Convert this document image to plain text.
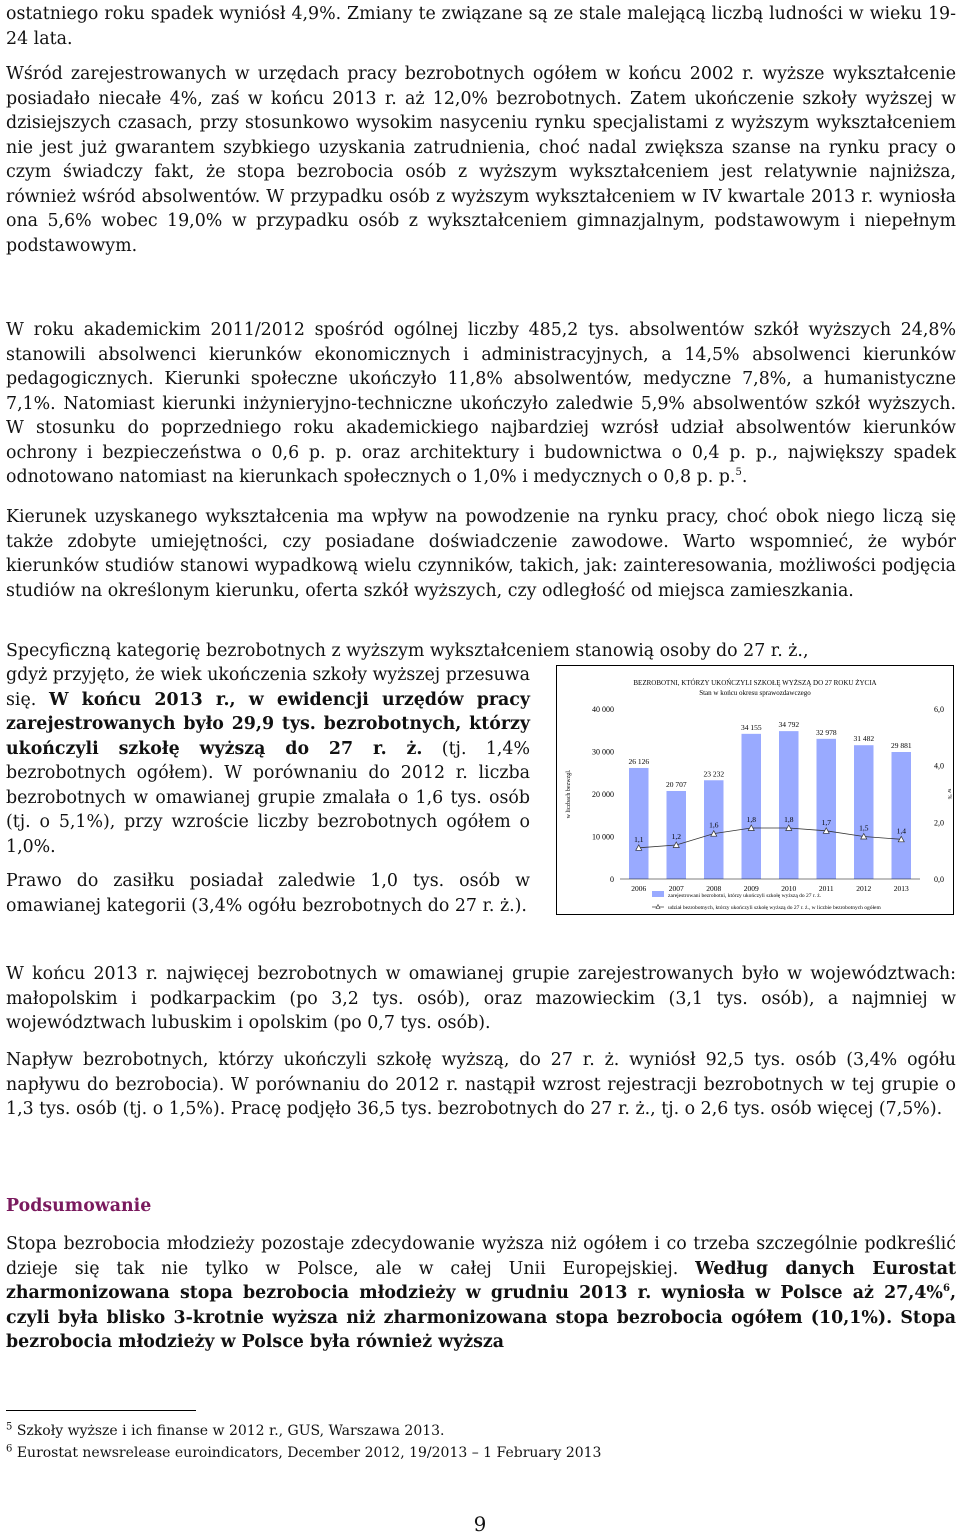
ostatniego roku spadek wyniósł 4,9%. Zmiany te związane są ze stale malejącą liczbą ludności w wieku 19-24 lata.

Wśród zarejestrowanych w urzędach pracy bezrobotnych ogółem w końcu 2002 r. wyższe wykształcenie posiadało niecałe 4%, zaś w końcu 2013 r. aż 12,0% bezrobotnych. Zatem ukończenie szkoły wyższej w dzisiejszych czasach, przy stosunkowo wysokim nasyceniu rynku specjalistami z wyższym wykształceniem nie jest już gwarantem szybkiego uzyskania zatrudnienia, choć nadal zwiększa szanse na rynku pracy o czym świadczy fakt, że stopa bezrobocia osób z wyższym wykształceniem jest relatywnie najniższa, również wśród absolwentów. W przypadku osób z wyższym wykształceniem w IV kwartale 2013 r. wyniosła ona 5,6% wobec 19,0% w przypadku osób z wykształceniem gimnazjalnym, podstawowym i niepełnym podstawowym.

W roku akademickim 2011/2012 spośród ogólnej liczby 485,2 tys. absolwentów szkół wyższych 24,8% stanowili absolwenci kierunków ekonomicznych i administracyjnych, a 14,5% absolwenci kierunków pedagogicznych. Kierunki społeczne ukończyło 11,8% absolwentów, medyczne 7,8%, a humanistyczne 7,1%. Natomiast kierunki inżynieryjno-techniczne ukończyło zaledwie 5,9% absolwentów szkół wyższych. W stosunku do poprzedniego roku akademickiego najbardziej wzrósł udział absolwentów kierunków ochrony i bezpieczeństwa o 0,6 p. p. oraz architektury i budownictwa o 0,4 p. p., największy spadek odnotowano natomiast na kierunkach społecznych o 1,0% i medycznych o 0,8 p. p.$^5$.

Kierunek uzyskanego wykształcenia ma wpływ na powodzenie na rynku pracy, choć obok niego liczą się także zdobyte umiejętności, czy posiadane doświadczenie zawodowe. Warto wspomnieć, że wybór kierunków studiów stanowi wypadkową wielu czynników, takich, jak: zainteresowania, możliwości podjęcia studiów na określonym kierunku, oferta szkół wyższych, czy odległość od miejsca zamieszkania.

Specyficzną kategorię bezrobotnych z wyższym wykształceniem stanowią osoby do 27 r. ż.,

gdyż przyjęto, że wiek ukończenia szkoły wyższej przesuwa się. W końcu 2013 r., w ewidencji urzędów pracy zarejestrowanych było 29,9 tys. bezrobotnych, którzy ukończyli szkołę wyższą do 27 r. ż. (tj. 1,4% bezrobotnych ogółem). W porównaniu do 2012 r. liczba bezrobotnych w omawianej grupie zmalała o 1,6 tys. osób (tj. o 5,1%), przy wzroście liczby bezrobotnych ogółem o 1,0%.

Prawo do zasiłku posiadał zaledwie 1,0 tys. osób w omawianej kategorii (3,4% ogółu bezrobotnych do 27 r. ż.).

W końcu 2013 r. najwięcej bezrobotnych w omawianej grupie zarejestrowanych było w województwach: małopolskim i podkarpackim (po 3,2 tys. osób), oraz mazowieckim (3,1 tys. osób), a najmniej w województwach lubuskim i opolskim (po 0,7 tys. osób).

Napływ bezrobotnych, którzy ukończyli szkołę wyższą, do 27 r. ż. wyniósł 92,5 tys. osób (3,4% ogółu napływu do bezrobocia). W porównaniu do 2012 r. nastąpił wzrost rejestracji bezrobotnych w tej grupie o 1,3 tys. osób (tj. o 1,5%). Pracę podjęło 36,5 tys. bezrobotnych do 27 r. ż., tj. o 2,6 tys. osób więcej (7,5%).

Podsumowanie

Stopa bezrobocia młodzieży pozostaje zdecydowanie wyższa niż ogółem i co trzeba szczególnie podkreślić dzieje się tak nie tylko w Polsce, ale w całej Unii Europejskiej. Według danych Eurostat zharmonizowana stopa bezrobocia młodzieży w grudniu 2013 r. wyniosła w Polsce aż 27,4%$^6$, czyli była blisko 3-krotnie wyższa niż zharmonizowana stopa bezrobocia ogółem (10,1%). Stopa bezrobocia młodzieży w Polsce była również wyższa

BEZROBOTNI, KTÓRZY UKOŃCZYLI SZKOŁĘ WYŻSZĄ DO 27 ROKU ŻYCIA
Stan w końcu okresu sprawozdawczego
0
10 000
20 000
30 000
40 000
0,0
2,0
4,0
6,0
w liczbach bezwzgl.	w %
26 126
2006
20 707
2007
23 232
2008
34 155
2009
34 792
2010
32 978
2011
31 482
2012
29 881
2013
1,1	1,2
1,6
1,8	1,8	1,7
1,5	1,4
zarejestrowani bezrobotni, którzy ukończyli szkołę wyższą do 27 r. ż.
udział bezrobotnych, którzy ukończyli szkołę wyższą do 27 r. ż., w liczbie bezrobotnych ogółem
$^5$ Szkoły wyższe i ich finanse w 2012 r., GUS, Warszawa 2013.
$^6$ Eurostat newsrelease euroindicators, December 2012, 19/2013 – 1 February 2013
9
